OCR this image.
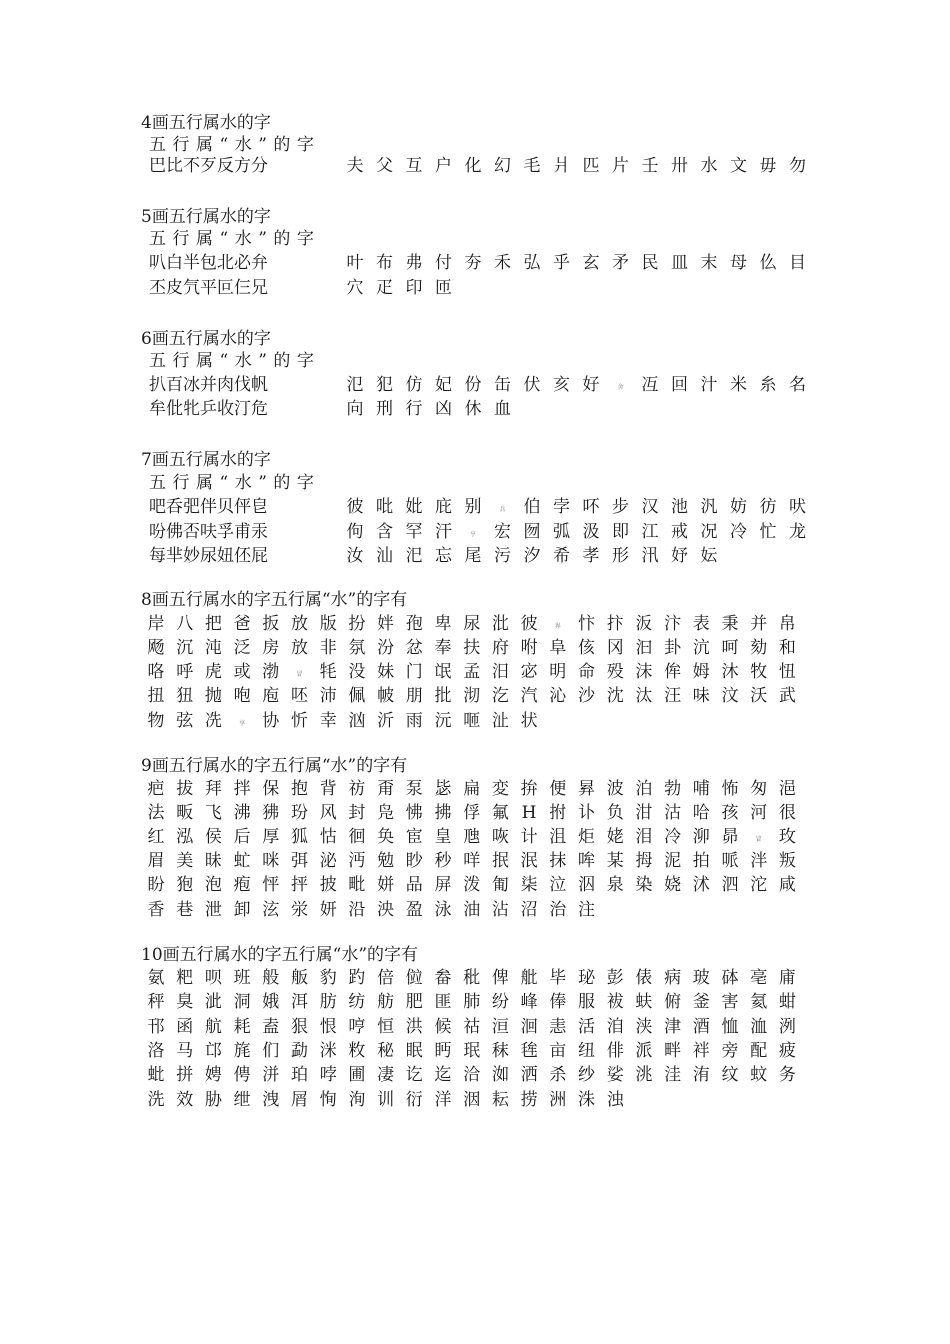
4画五行属水的字
五行属“水”的字
巴比不歹反方分	夫 父 互 户 化 幻 毛 爿 匹 片 壬 卅 水 文 毋 勿
5画五行属水的字
五行属“水”的字
叭白半包北必弁	叶 布 弗 付 夯 禾 弘 乎 玄 矛 民 皿 末 母 仫 目
丕皮氕平叵仨兄	穴 疋 印 匝
6画五行属水的字
五行属“水”的字
扒百冰并肉伐帆	氾 犯 仿 妃 份 缶 伏 亥 好	舍	冱 回 汁 米 糸 名
牟仳牝乒收汀危	向 刑 行 凶 休 血
7画五行属水的字
五行属“水”的字
吧呑弝伴贝伻皀	彼 吡 妣 庇 别	兵	伯 孛 吥 步 汉 池 汎 妨 彷 吠
吩佛否呋孚甫汞	佝 含 罕 汗	亨	宏 囫 弧 汲 即 江 戒 况 冷 忙 龙
每芈妙尿妞伾屁	汝 汕 汜 忘 尾 污 汐 希 孝 形 汛 妤 妘
8画五行属水的字五行属“水”的字有
岸 八 把 爸 扳 放 版 扮 姅 孢 卑 尿 沘 彼	界	忭 抃 汳 汴 表 秉 并 帛
飏 沉 沌 泛 房 放 非 氛 汾 忿 奉 扶 府 咐 阜 侅 冈 汩 卦 沆 呵 劾 和
咯 呼 虎 或 渤	冒	牦 没 妹 门 氓 孟 汨 宓 明 命 殁 沫 侔 姆 沐 牧 忸
扭 狃 抛 咆 庖 呸 沛 佩 帔 朋 批 沏 汔 汽 沁 沙 沈 汰 汪 味 汶 沃 武
物 弦 冼	享	协 忻 幸 汹 沂 雨 沅 咂 沚 状
9画五行属水的字五行属“水”的字有
疤 拔 拜 拌 保 抱 背 祊 甭 泵 毖 扁 変 拚 便 昪 波 泊 勃 哺 怖 匆 浥
法 畈 飞 沸 狒 玢 风 封 凫 怫 拂 俘 氟 H 拊 讣 负 泔 沽 哈 孩 河 很
红 泓 侯 后 厚 狐 怙 徊 奂 宦 皇 虺 咴 计 沮 炬 姥 泪 冷 泖 昴	冒	玫
眉 美 昧 虻 咪 弭 泌 沔 勉 眇 秒 咩 抿 泯 抹 哞 某 拇 泥 拍 哌 泮 叛
盼 狍 泡 疱 怦 抨 披 毗 姘 品 屏 泼 匍 柒 泣 泅 泉 染 娆 沭 泗 沱 咸
香 巷 泄 卸 泫 泶 妍 沿 泱 盈 泳 油 沾 沼 治 注
10画五行属水的字五行属“水”的字有
氨 粑 呗 班 般 舨 豹 趵 倍 傡 畚 秕 俾 舭 毕 珌 彭 俵 病 玻 砵 亳 庯
秤 臭 泚 洞 娥 洱 肪 纺 舫 肥 匪 肺 纷 峰 俸 服 袚 蚨 俯 釜 害 氦 蚶
邗 函 航 耗 盍 狠 恨 哼 恒 洪 候 祜 洹 洄 恚 活 洎 浃 津 酒 恤 洫 洌
洛 马 邙 旄 们 勐 洣 敉 秘 眠 眄 珉 秣 毪 亩 纽 俳 派 畔 袢 旁 配 疲
蚍 拼 娉 俜 洴 珀 哱 圃 凄 讫 迄 洽 洳 洒 杀 纱 娑 洮 洼 洧 纹 蚊 务
洗 效 胁 绁 洩 屑 恂 洵 训 衍 洋 洇 耘 捞 洲 洙 浊
